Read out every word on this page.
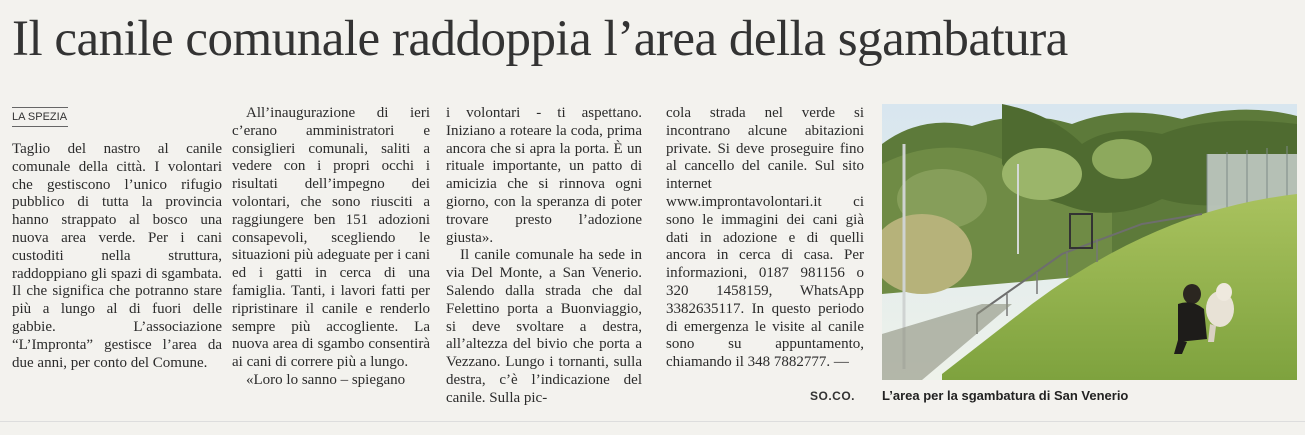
Il canile comunale raddoppia l’area della sgambatura
LA SPEZIA

Taglio del nastro al canile comunale della città. I volontari che gestiscono l’unico rifugio pubblico di tutta la provincia hanno strappato al bosco una nuova area verde. Per i cani custoditi nella struttura, raddoppiano gli spazi di sgambata. Il che significa che potranno stare più a lungo al di fuori delle gabbie. L’associazione “L’Impronta” gestisce l’area da due anni, per conto del Comune.

All’inaugurazione di ieri c’erano amministratori e consiglieri comunali, saliti a vedere con i propri occhi i risultati dell’impegno dei volontari, che sono riusciti a raggiungere ben 151 adozioni consapevoli, scegliendo le situazioni più adeguate per i cani ed i gatti in cerca di una famiglia. Tanti, i lavori fatti per ripristinare il canile e renderlo sempre più accogliente. La nuova area di sgambo consentirà ai cani di correre più a lungo.

«Loro lo sanno – spiegano

i volontari - ti aspettano. Iniziano a roteare la coda, prima ancora che si apra la porta. È un rituale importante, un patto di amicizia che si rinnova ogni giorno, con la speranza di poter trovare presto l’adozione giusta».

Il canile comunale ha sede in via Del Monte, a San Venerio. Salendo dalla strada che dal Felettino porta a Buonviaggio, si deve svoltare a destra, all’altezza del bivio che porta a Vezzano. Lungo i tornanti, sulla destra, c’è l’indicazione del canile. Sulla pic-

cola strada nel verde si incontrano alcune abitazioni private. Si deve proseguire fino al cancello del canile. Sul sito internet www.improntavolontari.it ci sono le immagini dei cani già dati in adozione e di quelli ancora in cerca di casa. Per informazioni, 0187 981156 o 320 1458159, WhatsApp 3382635117. In questo periodo di emergenza le visite al canile sono su appuntamento, chiamando il 348 7882777. —

SO.CO. L’area per la sgambatura di San Venerio
